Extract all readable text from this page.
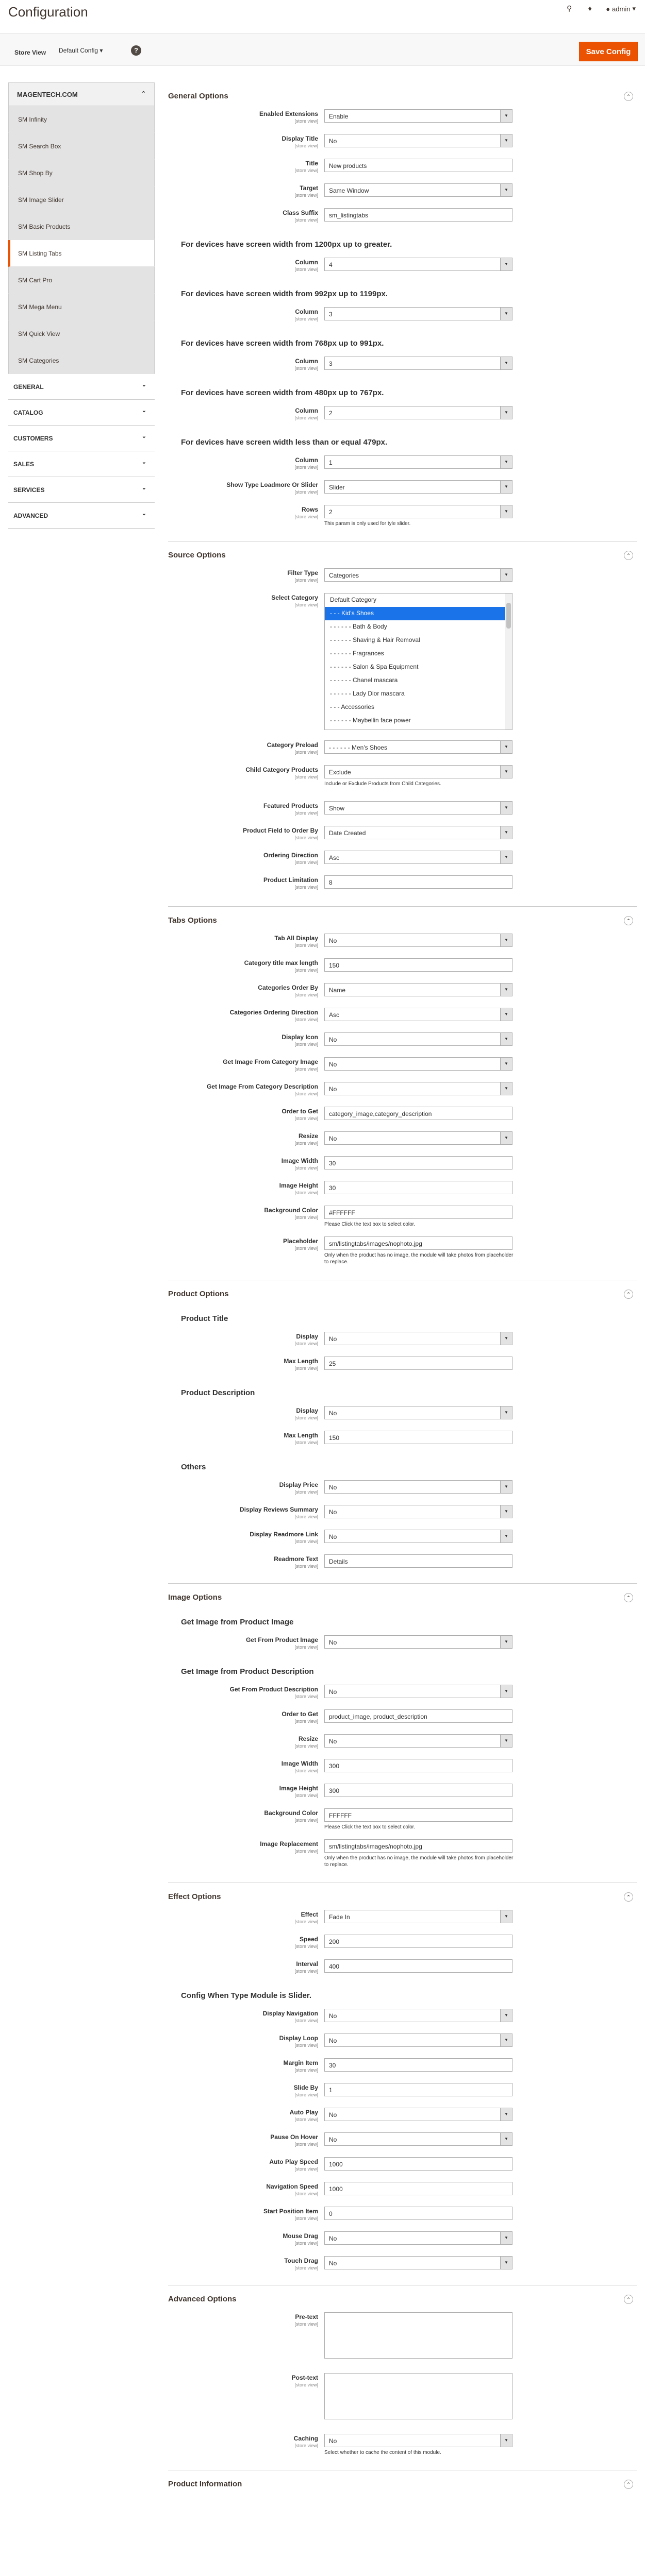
Configuration	⚲	♦	● admin ▾
Store View Default Config ▾	?	Save Config
MAGENTECH.COM	⌃
SM Infinity
SM Search Box
SM Shop By
SM Image Slider
SM Basic Products
SM Listing Tabs
SM Cart Pro
SM Mega Menu
SM Quick View
SM Categories
GENERAL	⌄
CATALOG	⌄
CUSTOMERS	⌄
SALES	⌄
SERVICES	⌄
ADVANCED	⌄
General Options	⌃
Enabled Extensions
[store view]
Enable ▼
Display Title
[store view]
No ▼
Title
[store view]
New products
Target
[store view]
Same Window ▼
Class Suffix
[store view]
sm_listingtabs
For devices have screen width from 1200px up to greater.
Column
[store view]
4 ▼
For devices have screen width from 992px up to 1199px.
Column
[store view]
3 ▼
For devices have screen width from 768px up to 991px.
Column
[store view]
3 ▼
For devices have screen width from 480px up to 767px.
Column
[store view]
2 ▼
For devices have screen width less than or equal 479px.
Column
[store view]
1 ▼
Show Type Loadmore Or Slider
[store view]
Slider ▼
Rows
[store view]
2 ▼
This param is only used for tyle slider.
Source Options	⌃
Filter Type
[store view]
Categories ▼
Select Category
[store view]
Default Category
- - - Kid's Shoes
- - - - - - Bath & Body
- - - - - - Shaving & Hair Removal
- - - - - - Fragrances
- - - - - - Salon & Spa Equipment
- - - - - - Chanel mascara
- - - - - - Lady Dior mascara
- - - Accessories
- - - - - - Maybellin face power
Category Preload
[store view]
- - - - - - Men's Shoes ▼
Child Category Products
[store view]
Exclude ▼
Include or Exclude Products from Child Categories.
Featured Products
[store view]
Show ▼
Product Field to Order By
[store view]
Date Created ▼
Ordering Direction
[store view]
Asc ▼
Product Limitation
[store view]
8
Tabs Options	⌃
Tab All Display
[store view]
No ▼
Category title max length
[store view]
150
Categories Order By
[store view]
Name ▼
Categories Ordering Direction
[store view]
Asc ▼
Display Icon
[store view]
No ▼
Get Image From Category Image
[store view]
No ▼
Get Image From Category Description
[store view]
No ▼
Order to Get
[store view]
category_image,category_description
Resize
[store view]
No ▼
Image Width
[store view]
30
Image Height
[store view]
30
Background Color
[store view]
#FFFFFF
Please Click the text box to select color.
Placeholder
[store view]
sm/listingtabs/images/nophoto.jpg
Only when the product has no image, the module will take photos from placeholder to replace.
Product Options	⌃
Product Title
Display
[store view]
No ▼
Max Length
[store view]
25
Product Description
Display
[store view]
No ▼
Max Length
[store view]
150
Others
Display Price
[store view]
No ▼
Display Reviews Summary
[store view]
No ▼
Display Readmore Link
[store view]
No ▼
Readmore Text
[store view]
Details
Image Options	⌃
Get Image from Product Image
Get From Product Image
[store view]
No ▼
Get Image from Product Description
Get From Product Description
[store view]
No ▼
Order to Get
[store view]
product_image, product_description
Resize
[store view]
No ▼
Image Width
[store view]
300
Image Height
[store view]
300
Background Color
[store view]
FFFFFF
Please Click the text box to select color.
Image Replacement
[store view]
sm/listingtabs/images/nophoto.jpg
Only when the product has no image, the module will take photos from placeholder to replace.
Effect Options	⌃
Effect
[store view]
Fade In ▼
Speed
[store view]
200
Interval
[store view]
400
Config When Type Module is Slider.
Display Navigation
[store view]
No ▼
Display Loop
[store view]
No ▼
Margin Item
[store view]
30
Slide By
[store view]
1
Auto Play
[store view]
No ▼
Pause On Hover
[store view]
No ▼
Auto Play Speed
[store view]
1000
Navigation Speed
[store view]
1000
Start Position Item
[store view]
0
Mouse Drag
[store view]
No ▼
Touch Drag
[store view]
No ▼
Advanced Options	⌃
Pre-text
[store view]
Post-text
[store view]
Caching
[store view]
No ▼
Select whether to cache the content of this module.
Product Information	⌃
